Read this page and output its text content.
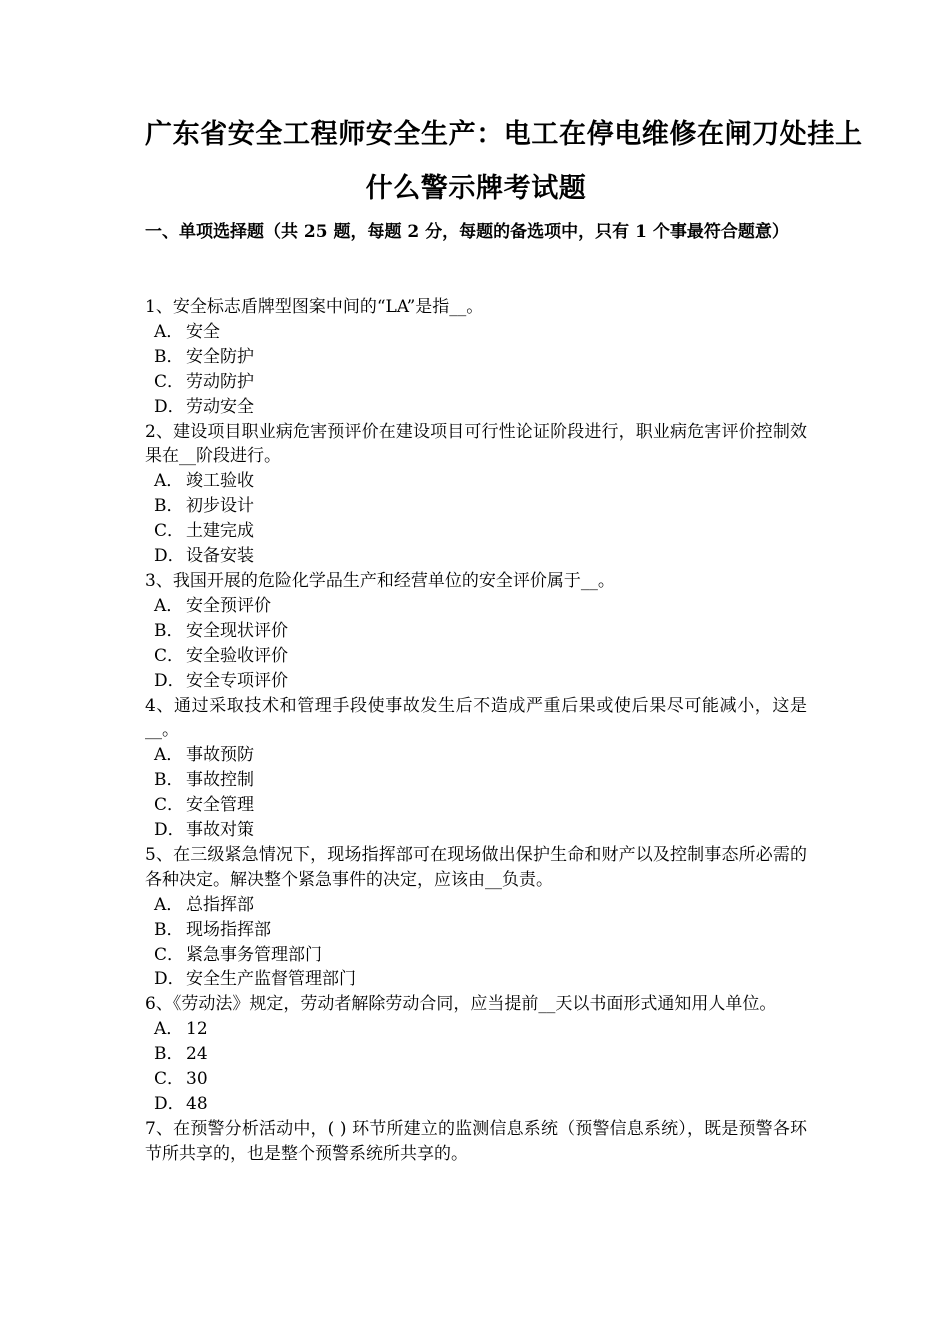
广东省安全工程师安全生产：电工在停电维修在闸刀处挂上
什么警示牌考试题
一、单项选择题（共 25 题，每题 2 分，每题的备选项中，只有 1 个事最符合题意）
1、安全标志盾牌型图案中间的“LA”是指__。
A． 安全
B． 安全防护
C． 劳动防护
D．劳动安全
2、建设项目职业病危害预评价在建设项目可行性论证阶段进行，职业病危害评价控制效果在__阶段进行。
A． 竣工验收
B． 初步设计
C． 土建完成
D．设备安装
3、我国开展的危险化学品生产和经营单位的安全评价属于__。
A． 安全预评价
B． 安全现状评价
C． 安全验收评价
D．安全专项评价
4、通过采取技术和管理手段使事故发生后不造成严重后果或使后果尽可能减小，这是__。
A． 事故预防
B． 事故控制
C． 安全管理
D．事故对策
5、在三级紧急情况下，现场指挥部可在现场做出保护生命和财产以及控制事态所必需的各种决定。解决整个紧急事件的决定，应该由__负责。
A． 总指挥部
B． 现场指挥部
C． 紧急事务管理部门
D．安全生产监督管理部门
6、《劳动法》规定，劳动者解除劳动合同，应当提前__天以书面形式通知用人单位。
A． 12
B． 24
C． 30
D．48
7、在预警分析活动中，( ) 环节所建立的监测信息系统（预警信息系统），既是预警各环节所共享的，也是整个预警系统所共享的。
